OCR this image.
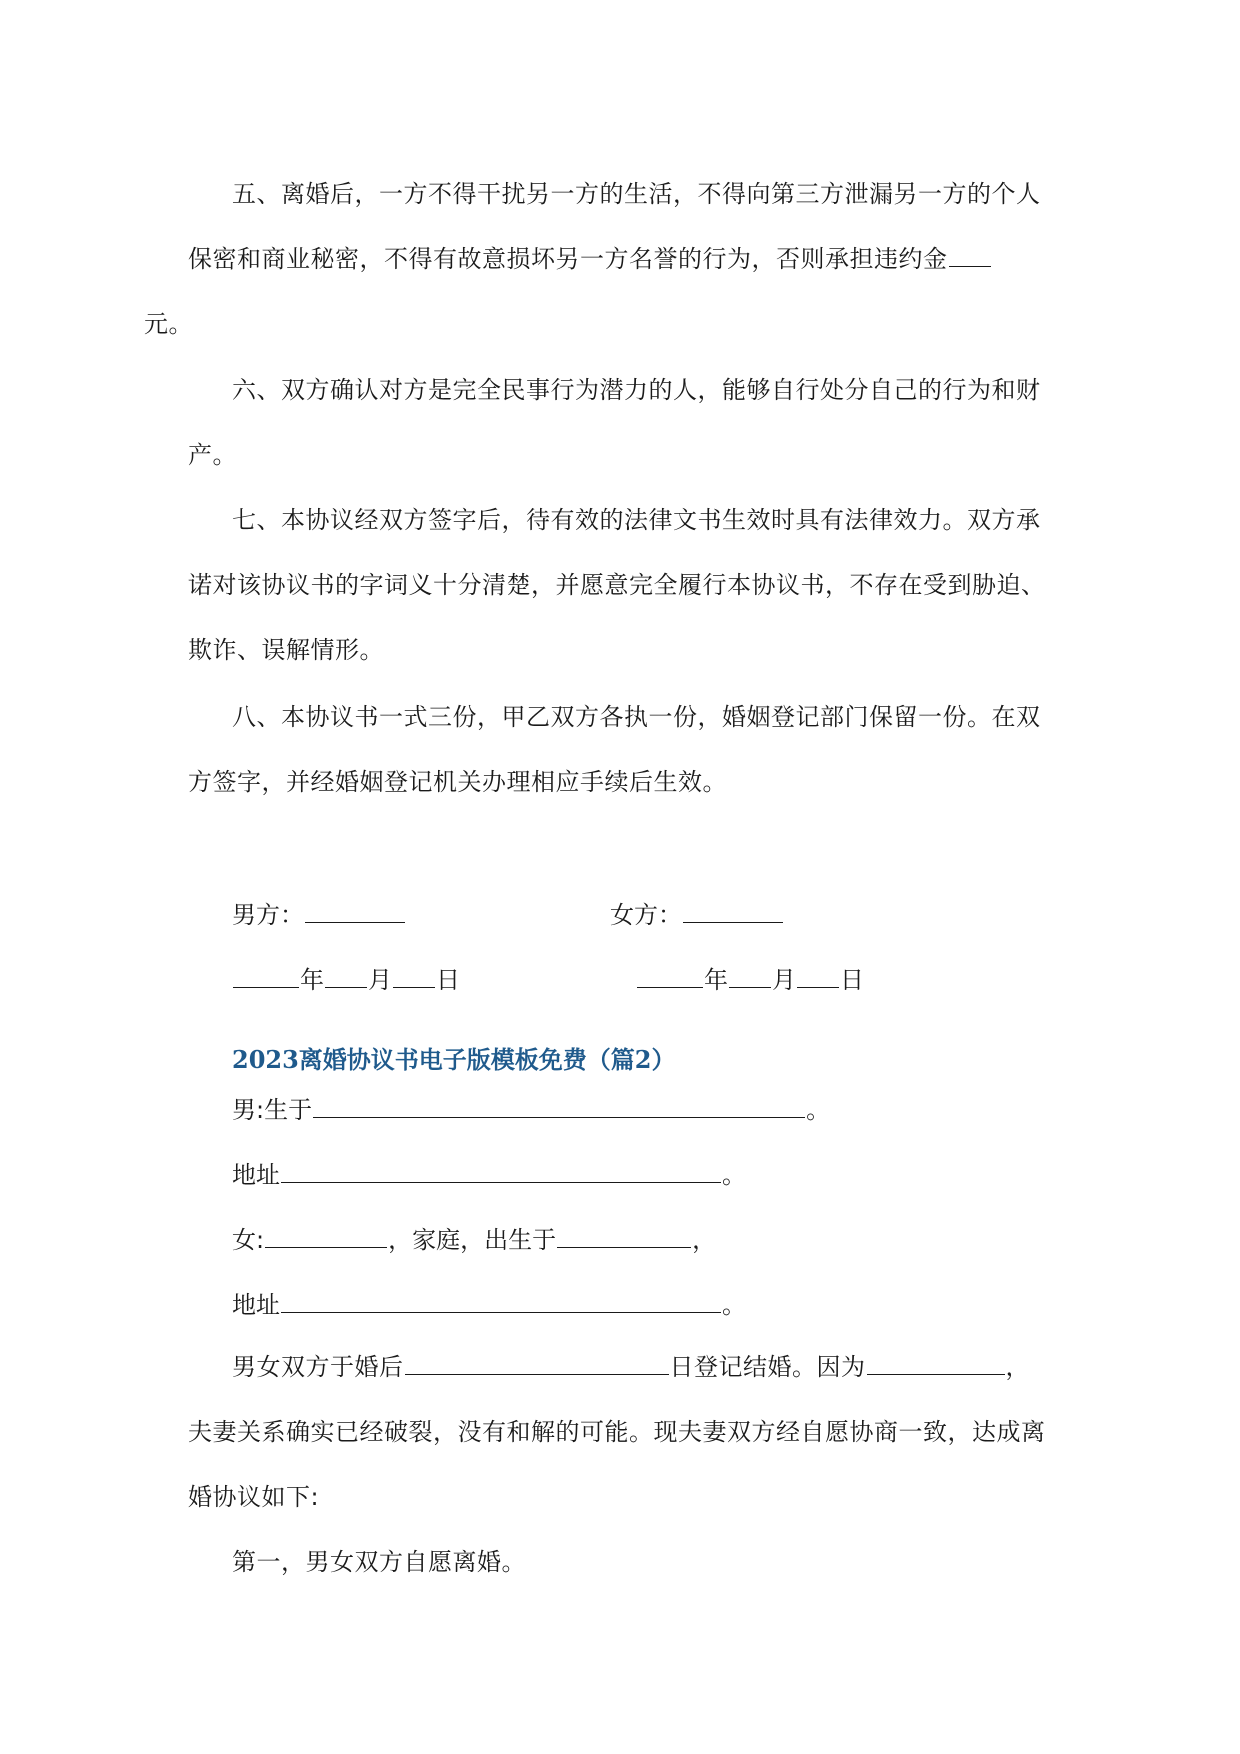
五、离婚后，一方不得干扰另一方的生活，不得向第三方泄漏另一方的个人保密和商业秘密，不得有故意损坏另一方名誉的行为，否则承担违约金
元。

六、双方确认对方是完全民事行为潜力的人，能够自行处分自己的行为和财产。

七、本协议经双方签字后，待有效的法律文书生效时具有法律效力。双方承诺对该协议书的字词义十分清楚，并愿意完全履行本协议书，不存在受到胁迫、欺诈、误解情形。

八、本协议书一式三份，甲乙双方各执一份，婚姻登记部门保留一份。在双方签字，并经婚姻登记机关办理相应手续后生效。

男方：	女方：
年 月 日	年 月 日
2023离婚协议书电子版模板免费（篇2）
男:生于	。
地址	。
女:	，家庭，出生于	，
地址	。

男女双方于婚后	日登记结婚。因为	，夫妻关系确实已经破裂，没有和解的可能。现夫妻双方经自愿协商一致，达成离婚协议如下:

第一，男女双方自愿离婚。
